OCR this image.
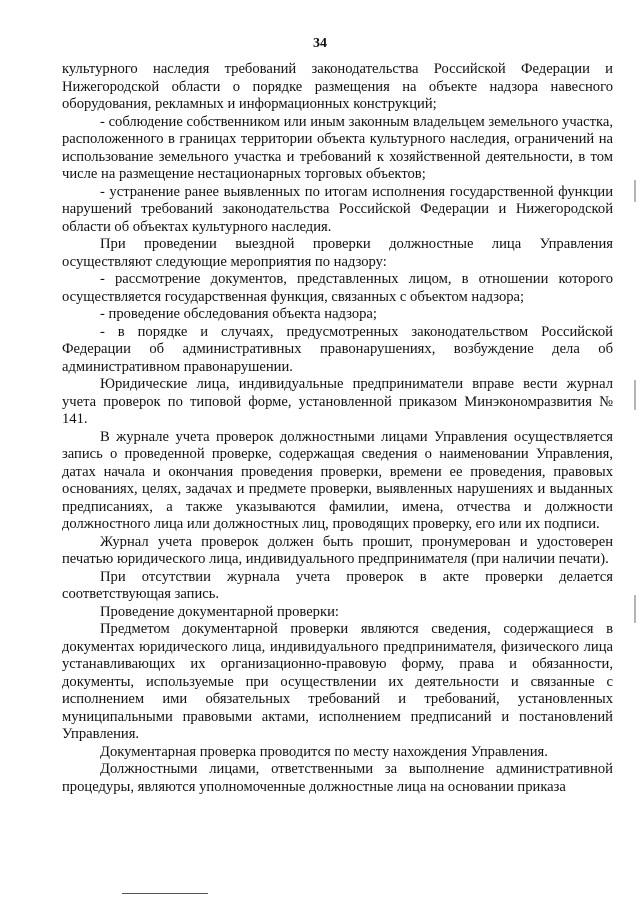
34

культурного наследия требований законодательства Российской Федерации и Нижегородской области о порядке размещения на объекте надзора навесного оборудования, рекламных и информационных конструкций;

- соблюдение собственником или иным законным владельцем земельного участка, расположенного в границах территории объекта культурного наследия, ограничений на использование земельного участка и требований к хозяйственной деятельности, в том числе на размещение нестационарных торговых объектов;

- устранение ранее выявленных по итогам исполнения государственной функции нарушений требований законодательства Российской Федерации и Нижегородской области об объектах культурного наследия.

При проведении выездной проверки должностные лица Управления осуществляют следующие мероприятия по надзору:

- рассмотрение документов, представленных лицом, в отношении которого осуществляется государственная функция, связанных с объектом надзора;

- проведение обследования объекта надзора;

- в порядке и случаях, предусмотренных законодательством Российской Федерации об административных правонарушениях, возбуждение дела об административном правонарушении.

Юридические лица, индивидуальные предприниматели вправе вести журнал учета проверок по типовой форме, установленной приказом Минэкономразвития № 141.

В журнале учета проверок должностными лицами Управления осуществляется запись о проведенной проверке, содержащая сведения о наименовании Управления, датах начала и окончания проведения проверки, времени ее проведения, правовых основаниях, целях, задачах и предмете проверки, выявленных нарушениях и выданных предписаниях, а также указываются фамилии, имена, отчества и должности должностного лица или должностных лиц, проводящих проверку, его или их подписи.

Журнал учета проверок должен быть прошит, пронумерован и удостоверен печатью юридического лица, индивидуального предпринимателя (при наличии печати).

При отсутствии журнала учета проверок в акте проверки делается соответствующая запись.

Проведение документарной проверки:

Предметом документарной проверки являются сведения, содержащиеся в документах юридического лица, индивидуального предпринимателя, физического лица устанавливающих их организационно-правовую форму, права и обязанности, документы, используемые при осуществлении их деятельности и связанные с исполнением ими обязательных требований и требований, установленных муниципальными правовыми актами, исполнением предписаний и постановлений Управления.

Документарная проверка проводится по месту нахождения Управления.

Должностными лицами, ответственными за выполнение административной процедуры, являются уполномоченные должностные лица на основании приказа
